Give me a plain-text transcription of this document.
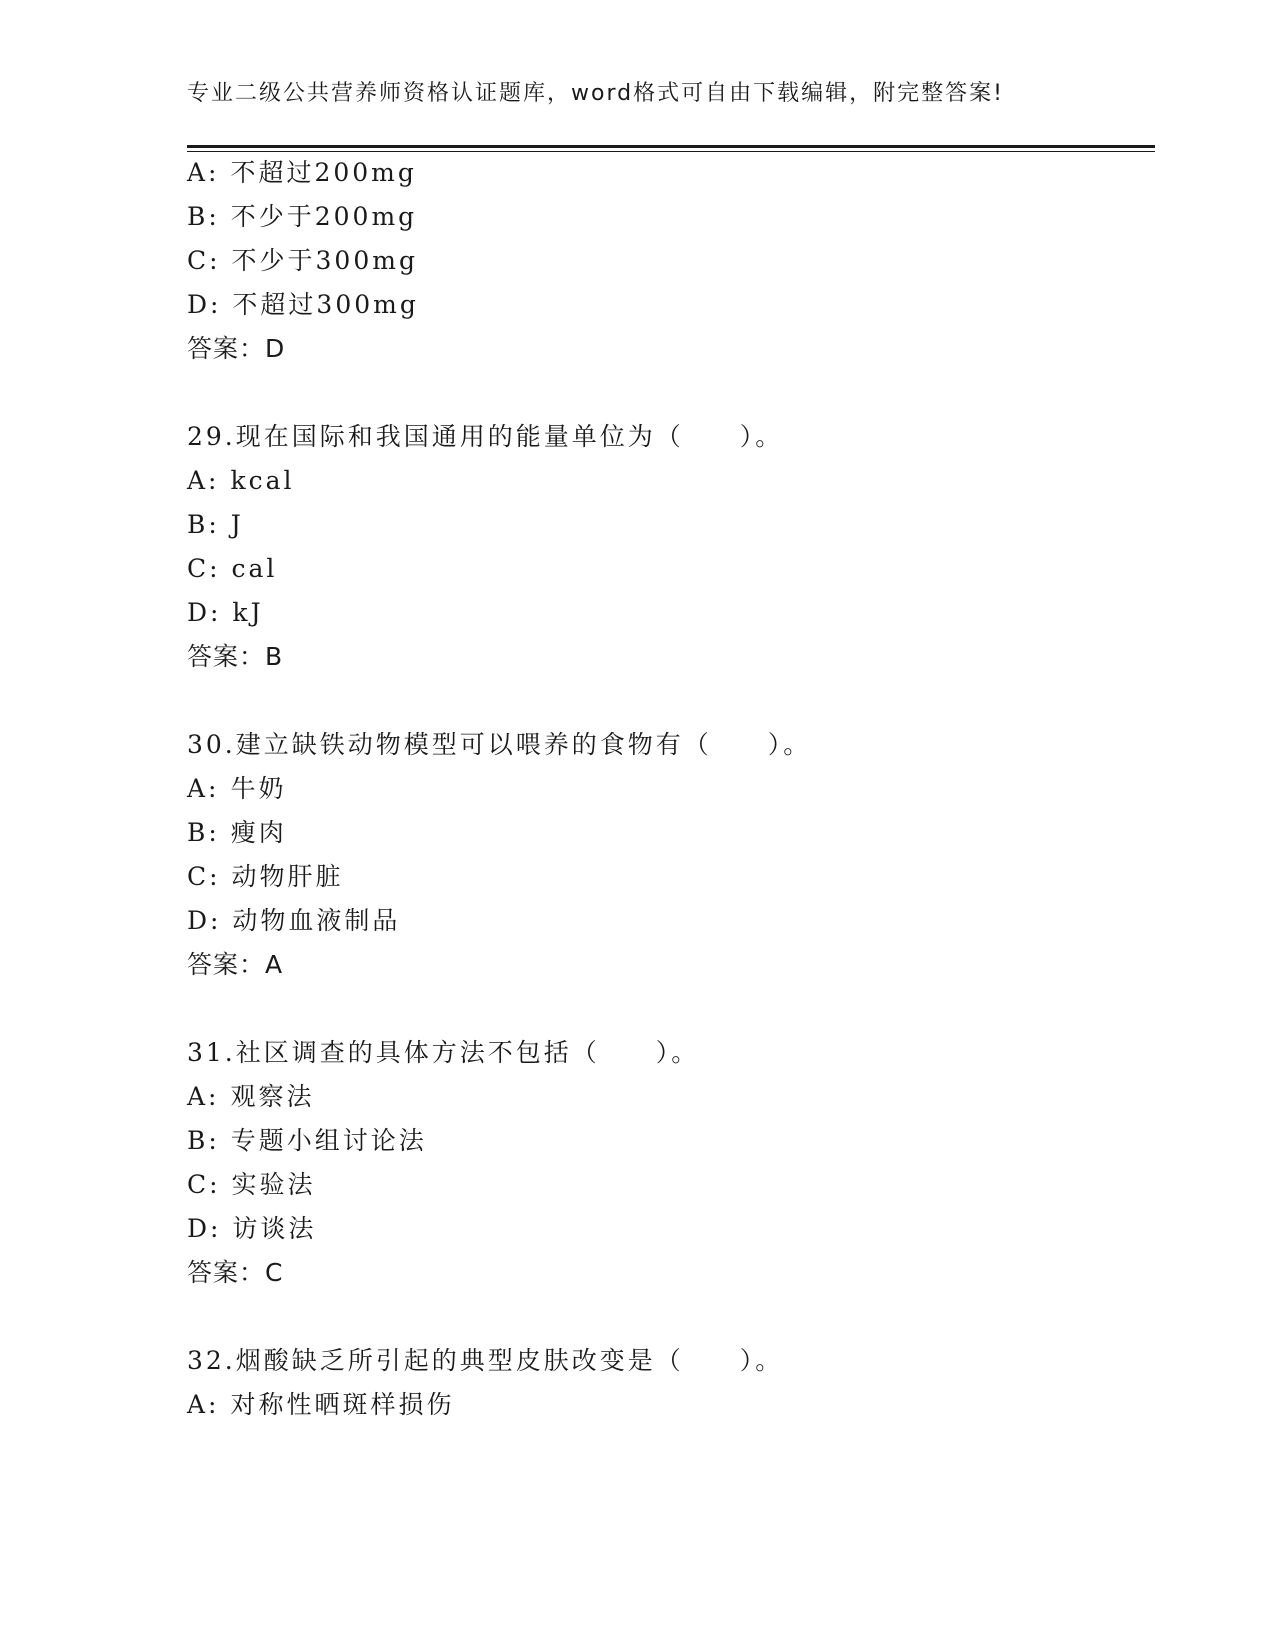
专业二级公共营养师资格认证题库，word格式可自由下载编辑，附完整答案!
A: 不超过200mg
B: 不少于200mg
C: 不少于300mg
D: 不超过300mg
答案：D
29.现在国际和我国通用的能量单位为（　　）。
A: kcal
B: J
C: cal
D: kJ
答案：B
30.建立缺铁动物模型可以喂养的食物有（　　）。
A: 牛奶
B: 瘦肉
C: 动物肝脏
D: 动物血液制品
答案：A
31.社区调查的具体方法不包括（　　）。
A: 观察法
B: 专题小组讨论法
C: 实验法
D: 访谈法
答案：C
32.烟酸缺乏所引起的典型皮肤改变是（　　）。
A: 对称性晒斑样损伤
